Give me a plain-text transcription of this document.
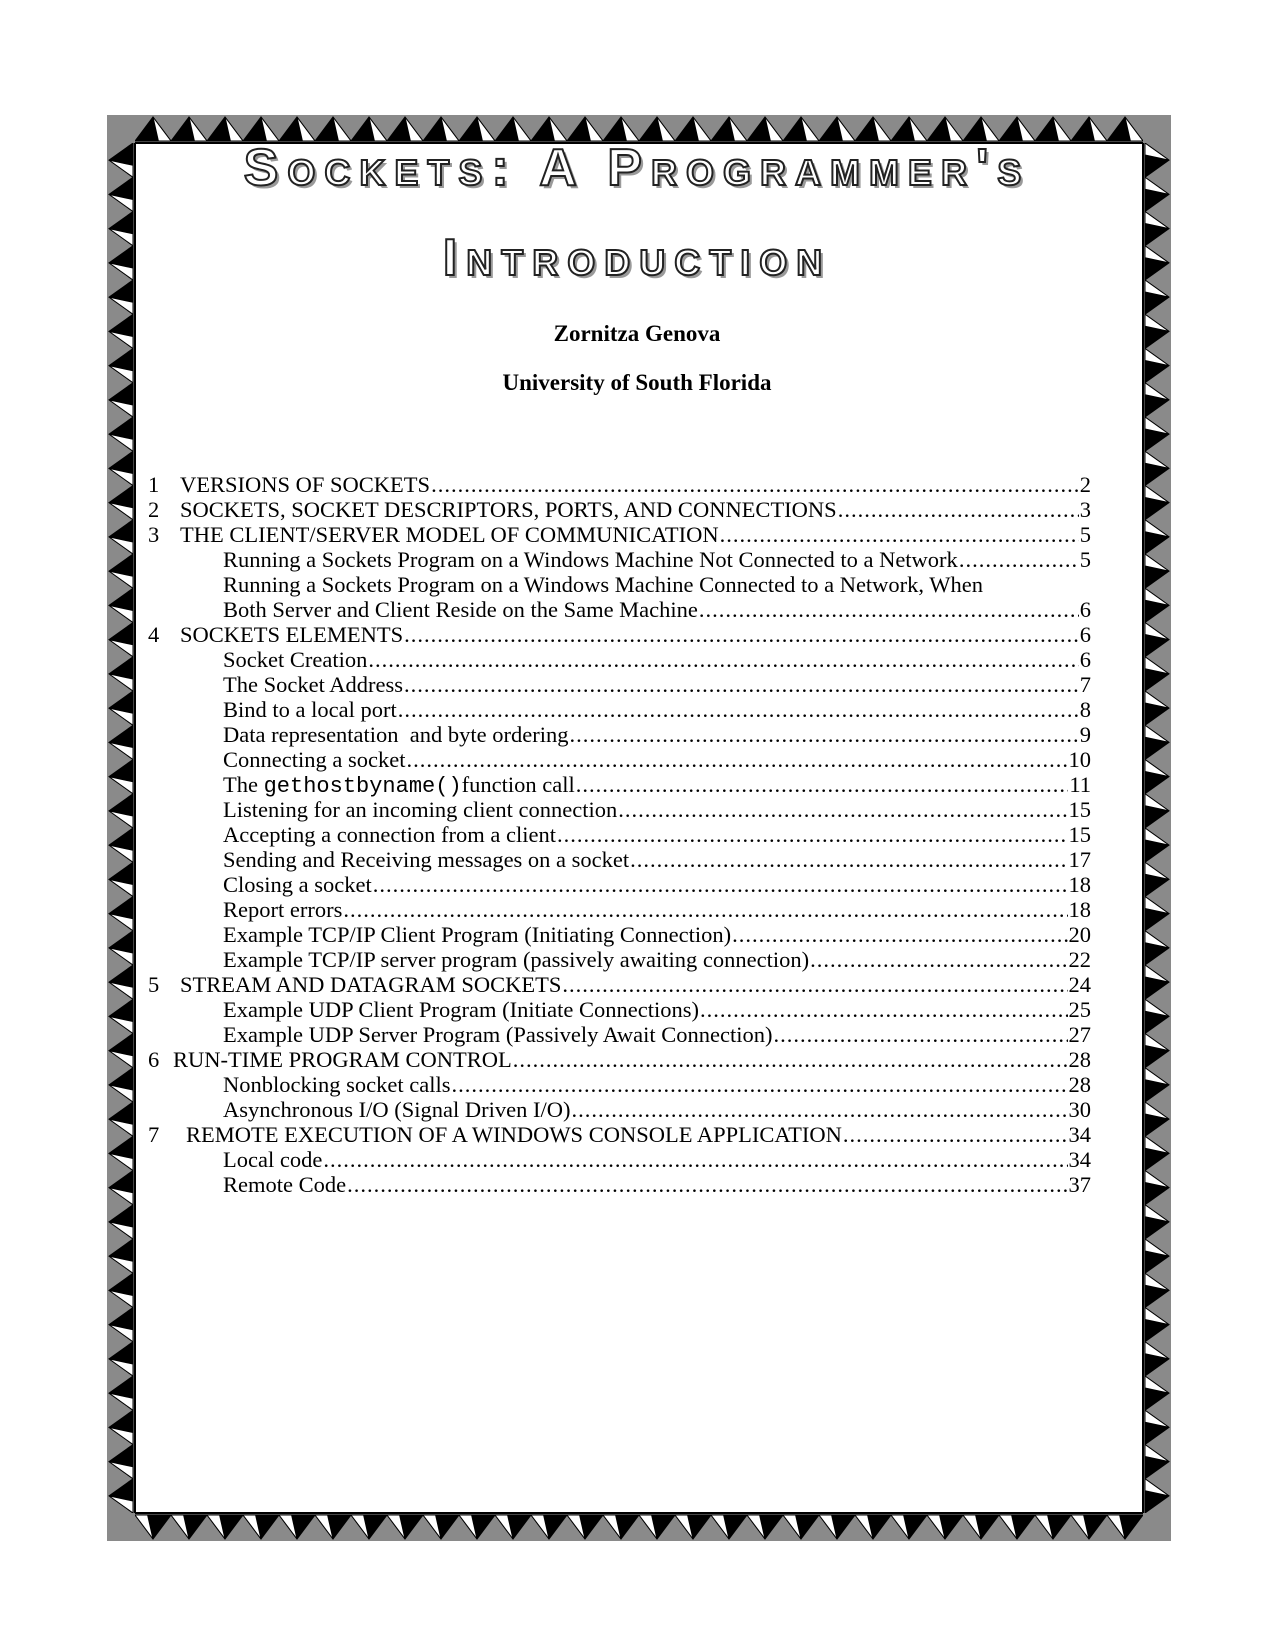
Sockets: A Programmer's
Introduction
Zornitza Genova
University of South Florida
1 VERSIONS OF SOCKETS .....	2
2 SOCKETS, SOCKET DESCRIPTORS, PORTS, AND CONNECTIONS .....	3
3 THE CLIENT/SERVER MODEL OF COMMUNICATION .....	5
Running a Sockets Program on a Windows Machine Not Connected to a Network .....	5
Running a Sockets Program on a Windows Machine Connected to a Network, When
Both Server and Client Reside on the Same Machine .....	6
4 SOCKETS ELEMENTS .....	6
Socket Creation .....	6
The Socket Address .....	7
Bind to a local port .....	8
Data representation  and byte ordering .....	9
Connecting a socket .....	10
The gethostbyname() function call .....	11
Listening for an incoming client connection .....	15
Accepting a connection from a client .....	15
Sending and Receiving messages on a socket .....	17
Closing a socket .....	18
Report errors .....	18
Example TCP/IP Client Program (Initiating Connection) .....	20
Example TCP/IP server program (passively awaiting connection) .....	22
5 STREAM AND DATAGRAM SOCKETS .....	24
Example UDP Client Program (Initiate Connections) .....	25
Example UDP Server Program (Passively Await Connection) .....	27
6 RUN-TIME PROGRAM CONTROL .....	28
Nonblocking socket calls .....	28
Asynchronous I/O (Signal Driven I/O) .....	30
7	REMOTE EXECUTION OF A WINDOWS CONSOLE APPLICATION .....	34
Local code .....	34
Remote Code .....	37
